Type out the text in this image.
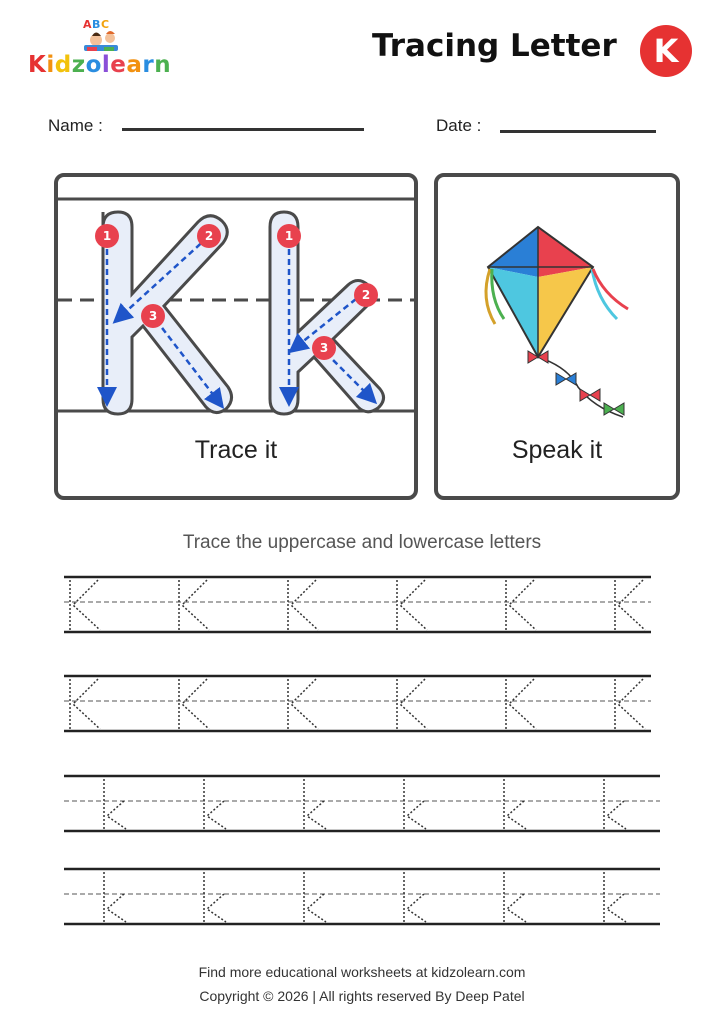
A B C
Kidzolearn
Tracing Letter	K
Name :	Date :
1	2
3
1
2
3
Trace it	Speak it
Trace the uppercase and lowercase letters
Find more educational worksheets at kidzolearn.com
Copyright © 2026 | All rights reserved By Deep Patel
